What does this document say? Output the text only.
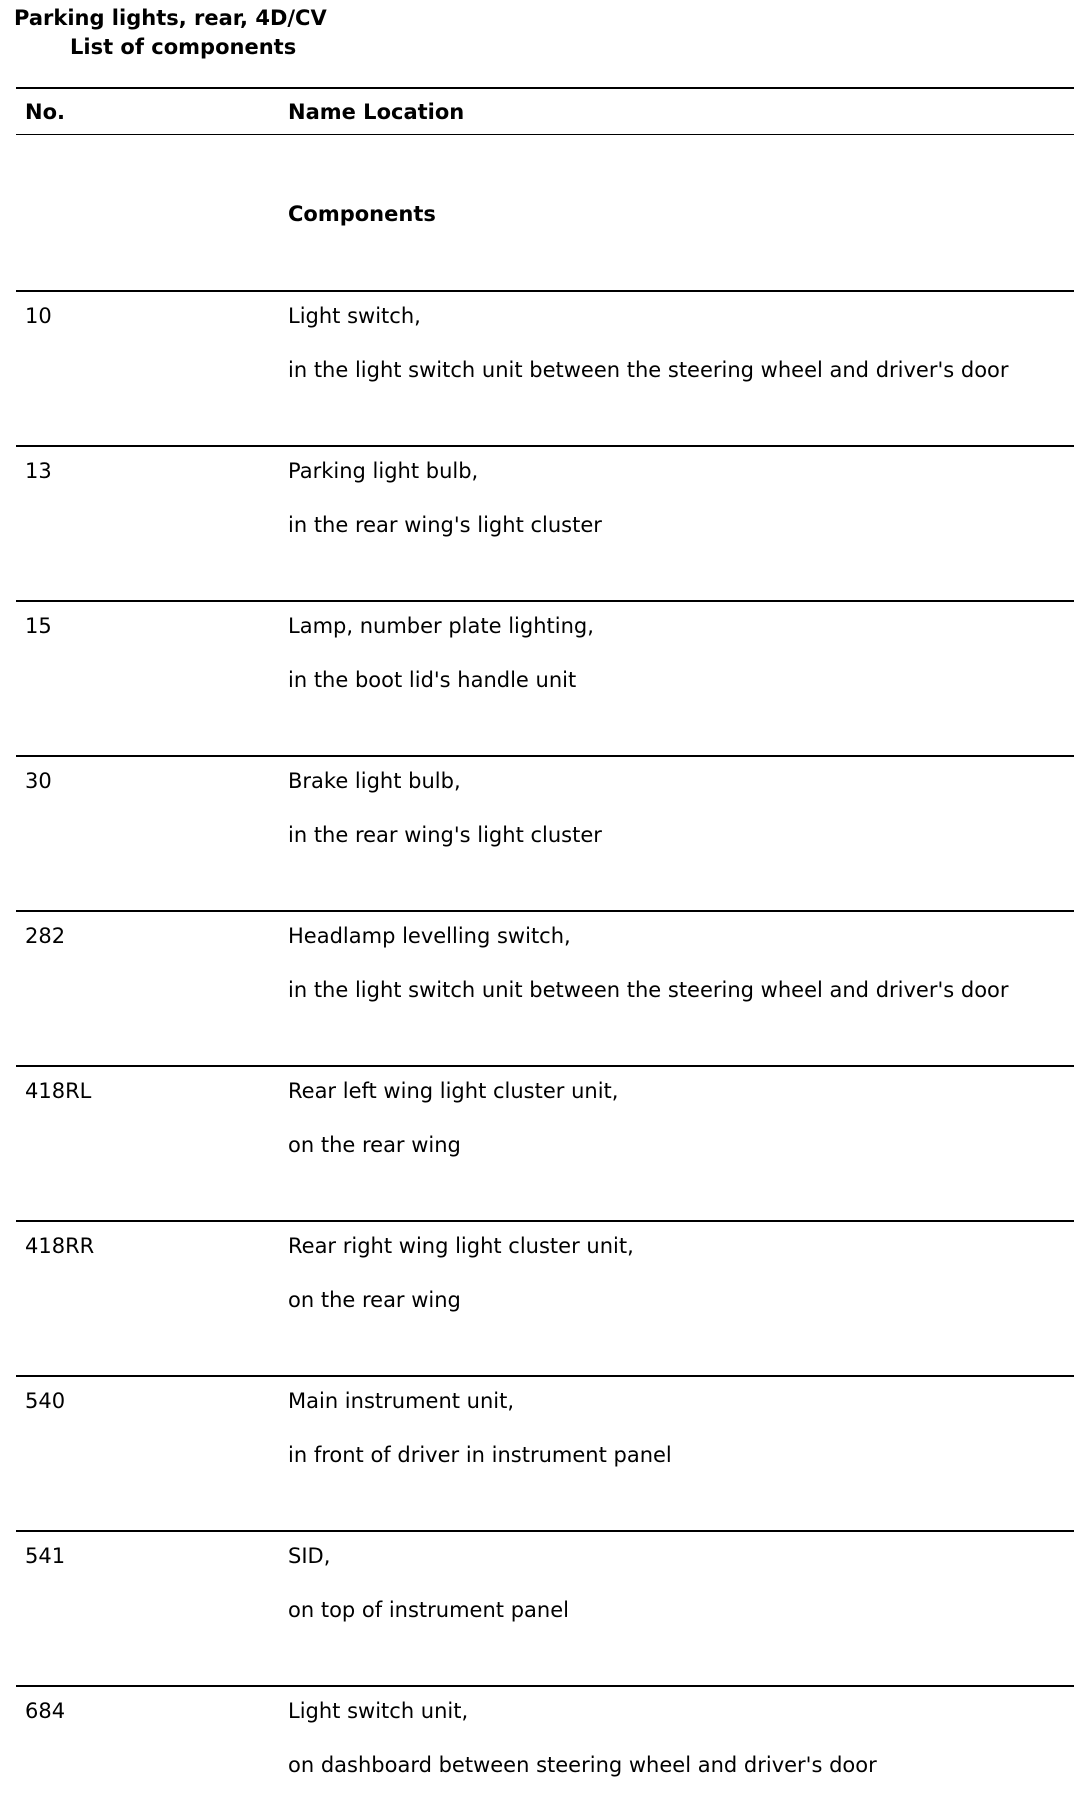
Parking lights, rear, 4D/CV
List of components
No.	Name Location
Components
10	Light switch,
in the light switch unit between the steering wheel and driver's door
13	Parking light bulb,
in the rear wing's light cluster
15	Lamp, number plate lighting,
in the boot lid's handle unit
30	Brake light bulb,
in the rear wing's light cluster
282	Headlamp levelling switch,
in the light switch unit between the steering wheel and driver's door
418RL	Rear left wing light cluster unit,
on the rear wing
418RR	Rear right wing light cluster unit,
on the rear wing
540	Main instrument unit,
in front of driver in instrument panel
541	SID,
on top of instrument panel
684	Light switch unit,
on dashboard between steering wheel and driver's door
